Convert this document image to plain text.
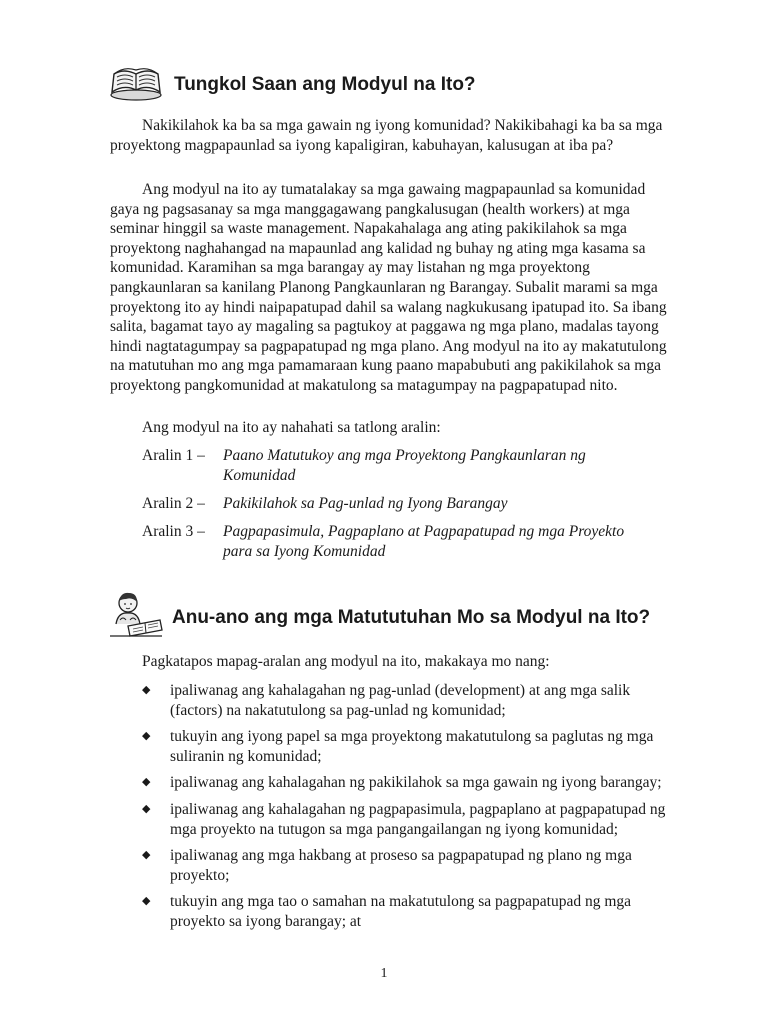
Tungkol Saan ang Modyul na Ito?

Nakikilahok ka ba sa mga gawain ng iyong komunidad? Nakikibahagi ka ba sa mga proyektong magpapaunlad sa iyong kapaligiran, kabuhayan, kalusugan at iba pa?

Ang modyul na ito ay tumatalakay sa mga gawaing magpapaunlad sa komunidad gaya ng pagsasanay sa mga manggagawang pangkalusugan (health workers) at mga seminar hinggil sa waste management. Napakahalaga ang ating pakikilahok sa mga proyektong naghahangad na mapaunlad ang kalidad ng buhay ng ating mga kasama sa komunidad. Karamihan sa mga barangay ay may listahan ng mga proyektong pangkaunlaran sa kanilang Planong Pangkaunlaran ng Barangay. Subalit marami sa mga proyektong ito ay hindi naipapatupad dahil sa walang nagkukusang ipatupad ito. Sa ibang salita, bagamat tayo ay magaling sa pagtukoy at paggawa ng mga plano, madalas tayong hindi nagtatagumpay sa pagpapatupad ng mga plano. Ang modyul na ito ay makatutulong na matutuhan mo ang mga pamamaraan kung paano mapabubuti ang pakikilahok sa mga proyektong pangkomunidad at makatulong sa matagumpay na pagpapatupad nito.

Ang modyul na ito ay nahahati sa tatlong aralin:

Aralin 1 –	Paano Matutukoy ang mga Proyektong Pangkaunlaran ng Komunidad
Aralin 2 –	Pakikilahok sa Pag-unlad ng Iyong Barangay
Aralin 3 –	Pagpapasimula, Pagpaplano at Pagpapatupad ng mga Proyekto para sa Iyong Komunidad
Anu-ano ang mga Matututuhan Mo sa Modyul na Ito?

Pagkatapos mapag-aralan ang modyul na ito, makakaya mo nang:

◆ ipaliwanag ang kahalagahan ng pag-unlad (development) at ang mga salik (factors) na nakatutulong sa pag-unlad ng komunidad;
◆ tukuyin ang iyong papel sa mga proyektong makatutulong sa paglutas ng mga suliranin ng komunidad;
◆ ipaliwanag ang kahalagahan ng pakikilahok sa mga gawain ng iyong barangay;
◆ ipaliwanag ang kahalagahan ng pagpapasimula, pagpaplano at pagpapatupad ng mga proyekto na tutugon sa mga pangangailangan ng iyong komunidad;
◆ ipaliwanag ang mga hakbang at proseso sa pagpapatupad ng plano ng mga proyekto;
◆ tukuyin ang mga tao o samahan na makatutulong sa pagpapatupad ng mga proyekto sa iyong barangay; at
1
